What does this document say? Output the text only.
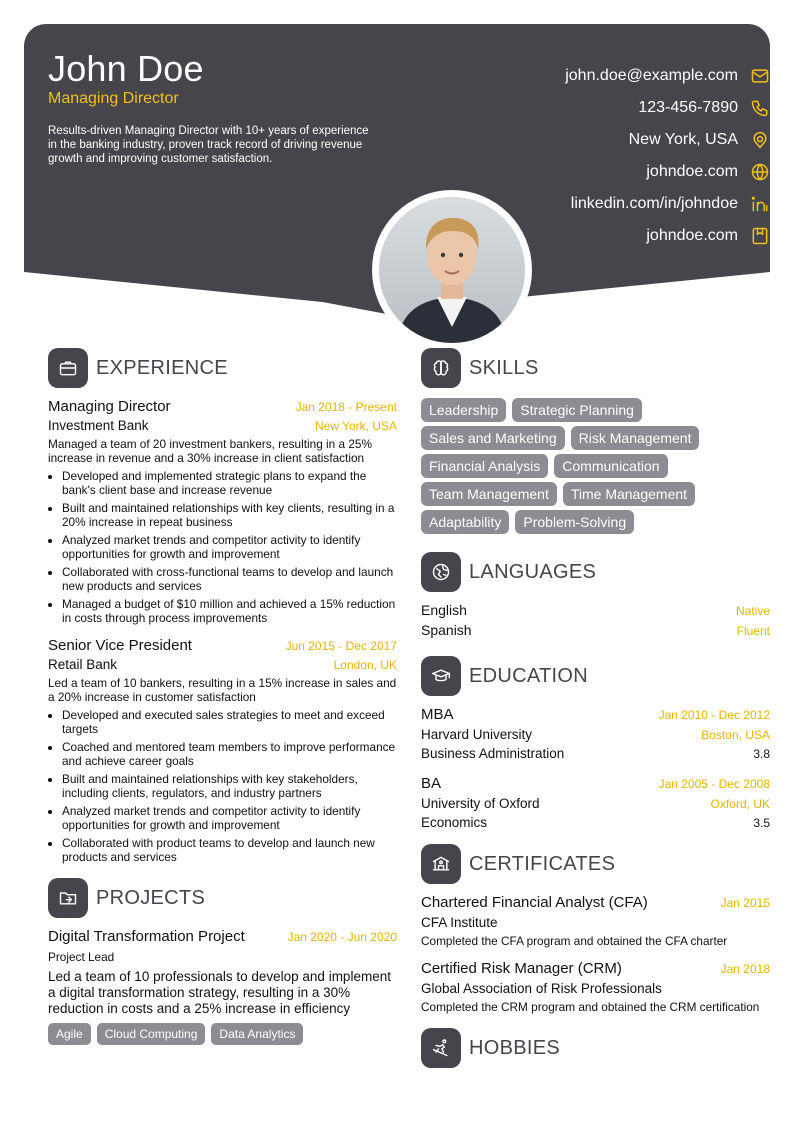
John Doe
Managing Director
Results-driven Managing Director with 10+ years of experience in the banking industry, proven track record of driving revenue growth and improving customer satisfaction.
john.doe@example.com
123-456-7890
New York, USA
johndoe.com
linkedin.com/in/johndoe
johndoe.com
EXPERIENCE
Managing Director	Jan 2018 - Present
Investment Bank	New York, USA
Managed a team of 20 investment bankers, resulting in a 25% increase in revenue and a 30% increase in client satisfaction
• Developed and implemented strategic plans to expand the bank's client base and increase revenue
• Built and maintained relationships with key clients, resulting in a 20% increase in repeat business
• Analyzed market trends and competitor activity to identify opportunities for growth and improvement
• Collaborated with cross-functional teams to develop and launch new products and services
• Managed a budget of $10 million and achieved a 15% reduction in costs through process improvements
Senior Vice President	Jun 2015 - Dec 2017
Retail Bank	London, UK
Led a team of 10 bankers, resulting in a 15% increase in sales and a 20% increase in customer satisfaction
• Developed and executed sales strategies to meet and exceed targets
• Coached and mentored team members to improve performance and achieve career goals
• Built and maintained relationships with key stakeholders, including clients, regulators, and industry partners
• Analyzed market trends and competitor activity to identify opportunities for growth and improvement
• Collaborated with product teams to develop and launch new products and services
PROJECTS
Digital Transformation Project	Jan 2020 - Jun 2020
Project Lead
Led a team of 10 professionals to develop and implement a digital transformation strategy, resulting in a 30% reduction in costs and a 25% increase in efficiency
Agile	Cloud Computing	Data Analytics
SKILLS
Leadership	Strategic Planning
Sales and Marketing	Risk Management
Financial Analysis	Communication
Team Management	Time Management
Adaptability	Problem-Solving
LANGUAGES
English	Native
Spanish	Fluent
EDUCATION
MBA	Jan 2010 - Dec 2012
Harvard University	Boston, USA
Business Administration	3.8
BA	Jan 2005 - Dec 2008
University of Oxford	Oxford, UK
Economics	3.5
CERTIFICATES
Chartered Financial Analyst (CFA)	Jan 2015
CFA Institute
Completed the CFA program and obtained the CFA charter
Certified Risk Manager (CRM)	Jan 2018
Global Association of Risk Professionals
Completed the CRM program and obtained the CRM certification
HOBBIES
